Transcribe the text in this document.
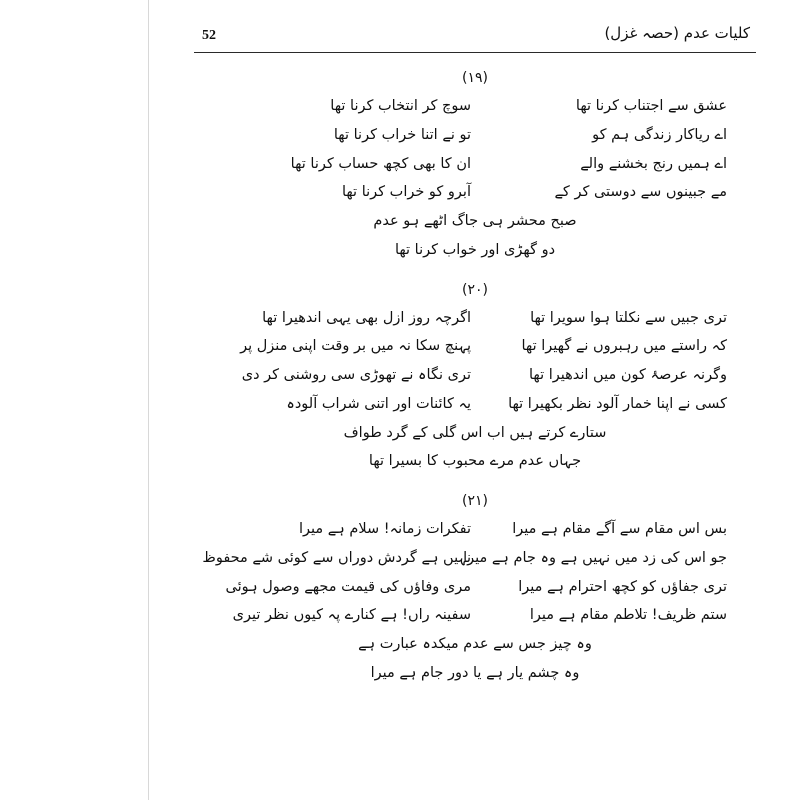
کلیات عدم (حصہ غزل)
52
(۱۹)
عشق سے اجتناب کرنا تھا
سوچ کر انتخاب کرنا تھا
اے ریاکار زندگی ہم کو
تو نے اتنا خراب کرنا تھا
اے ہمیں رنج بخشنے والے
ان کا بھی کچھ حساب کرنا تھا
مے جبینوں سے دوستی کر کے
آبرو کو خراب کرنا تھا
صبح محشر ہی جاگ اٹھے ہو عدم
دو گھڑی اور خواب کرنا تھا
(۲۰)
تری جبیں سے نکلتا ہوا سویرا تھا
اگرچہ روز ازل بھی یہی اندھیرا تھا
کہ راستے میں رہبروں نے گھیرا تھا
پہنچ سکا نہ میں بر وقت اپنی منزل پر
وگرنہ عرصۂ کون میں اندھیرا تھا
تری نگاہ نے تھوڑی سی روشنی کر دی
کسی نے اپنا خمار آلود نظر بکھیرا تھا
یہ کائنات اور اتنی شراب آلودہ
ستارے کرتے ہیں اب اس گلی کے گرد طواف
جہاں عدم مرے محبوب کا بسیرا تھا
(۲۱)
بس اس مقام سے آگے مقام ہے میرا
تفکرات زمانہ! سلام ہے میرا
جو اس کی زد میں نہیں ہے وہ جام ہے میرا
نہیں ہے گردش دوراں سے کوئی شے محفوظ
تری جفاؤں کو کچھ احترام ہے میرا
مری وفاؤں کی قیمت مجھے وصول ہوئی
ستم ظریف! تلاطم مقام ہے میرا
سفینہ راں! ہے کنارے پہ کیوں نظر تیری
وہ چیز جس سے عدم میکدہ عبارت ہے
وہ چشم یار ہے یا دور جام ہے میرا
